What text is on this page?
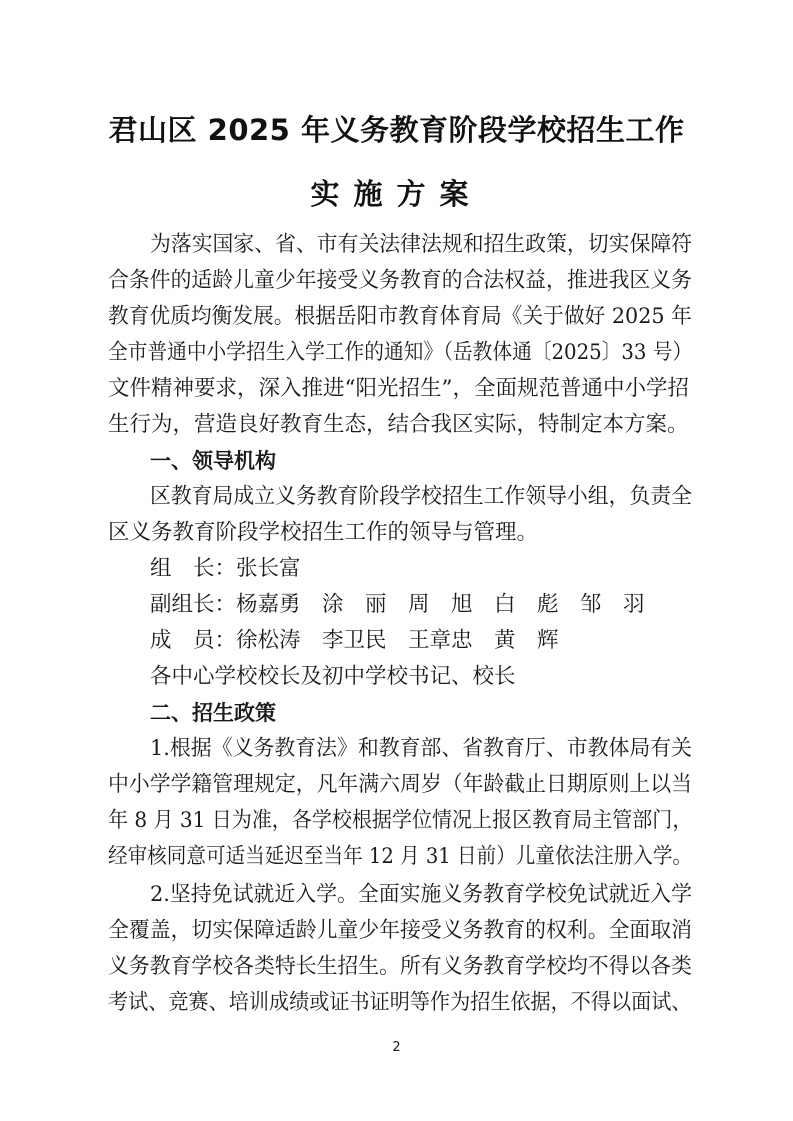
君山区 2025 年义务教育阶段学校招生工作
实施方案
为落实国家、省、市有关法律法规和招生政策，切实保障符
合条件的适龄儿童少年接受义务教育的合法权益，推进我区义务
教育优质均衡发展。根据岳阳市教育体育局《关于做好 2025 年
全市普通中小学招生入学工作的通知》（岳教体通〔2025〕33 号）
文件精神要求，深入推进“阳光招生”，全面规范普通中小学招
生行为，营造良好教育生态，结合我区实际，特制定本方案。
一、领导机构
区教育局成立义务教育阶段学校招生工作领导小组，负责全
区义务教育阶段学校招生工作的领导与管理。
组　长：张长富
副组长：杨嘉勇　涂　丽　周　旭　白　彪　邹　羽
成　员：徐松涛　李卫民　王章忠　黄　辉
各中心学校校长及初中学校书记、校长
二、招生政策
1.根据《义务教育法》和教育部、省教育厅、市教体局有关
中小学学籍管理规定，凡年满六周岁（年龄截止日期原则上以当
年 8 月 31 日为准，各学校根据学位情况上报区教育局主管部门，
经审核同意可适当延迟至当年 12 月 31 日前）儿童依法注册入学。
2.坚持免试就近入学。全面实施义务教育学校免试就近入学
全覆盖，切实保障适龄儿童少年接受义务教育的权利。全面取消
义务教育学校各类特长生招生。所有义务教育学校均不得以各类
考试、竞赛、培训成绩或证书证明等作为招生依据，不得以面试、
2
